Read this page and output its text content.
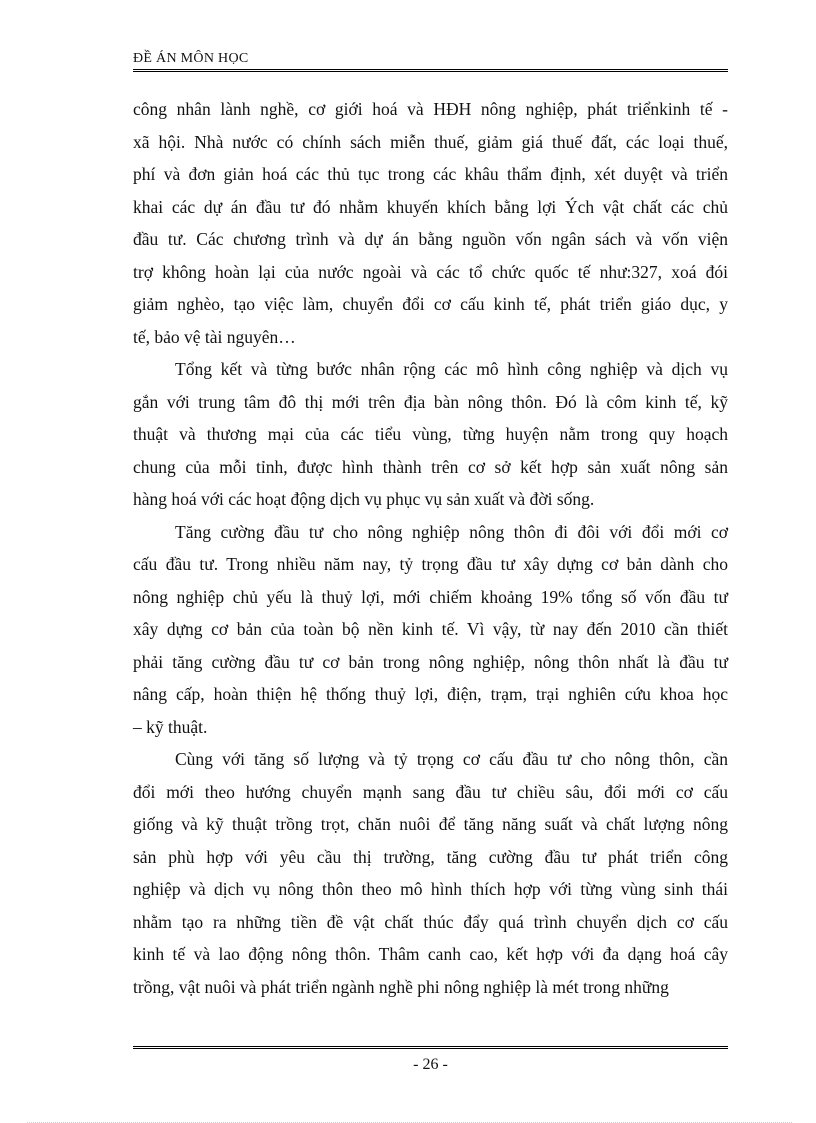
ĐỀ ÁN MÔN HỌC

công nhân lành nghề, cơ giới hoá và HĐH nông nghiệp, phát triểnkinh tế -
xã hội. Nhà nước có chính sách miễn thuế, giảm giá thuế đất, các loại thuế,
phí và đơn giản hoá các thủ tục trong các khâu thẩm định, xét duyệt và triển
khai các dự án đầu tư đó nhằm khuyến khích bằng lợi Ých vật chất các chủ
đầu tư. Các chương trình và dự án bằng nguồn vốn ngân sách và vốn viện
trợ không hoàn lại của nước ngoài và các tổ chức quốc tế như:327, xoá đói
giảm nghèo, tạo việc làm, chuyển đổi cơ cấu kinh tế, phát triển giáo dục, y
tế, bảo vệ tài nguyên…

Tổng kết và từng bước nhân rộng các mô hình công nghiệp và dịch vụ
gắn với trung tâm đô thị mới trên địa bàn nông thôn. Đó là côm kinh tế, kỹ
thuật và thương mại của các tiểu vùng, từng huyện nằm trong quy hoạch
chung của mỗi tỉnh, được hình thành trên cơ sở kết hợp sản xuất nông sản
hàng hoá với các hoạt động dịch vụ phục vụ sản xuất và đời sống.

Tăng cường đầu tư cho nông nghiệp nông thôn đi đôi với đổi mới cơ
cấu đầu tư. Trong nhiều năm nay, tỷ trọng đầu tư xây dựng cơ bản dành cho
nông nghiệp chủ yếu là thuỷ lợi, mới chiếm khoảng 19% tổng số vốn đầu tư
xây dựng cơ bản của toàn bộ nền kinh tế. Vì vậy, từ nay đến 2010 cần thiết
phải tăng cường đầu tư cơ bản trong nông nghiệp, nông thôn nhất là đầu tư
nâng cấp, hoàn thiện hệ thống thuỷ lợi, điện, trạm, trại nghiên cứu khoa học
– kỹ thuật.

Cùng với tăng số lượng và tỷ trọng cơ cấu đầu tư cho nông thôn, cần
đổi mới theo hướng chuyển mạnh sang đầu tư chiều sâu, đổi mới cơ cấu
giống và kỹ thuật trồng trọt, chăn nuôi để tăng năng suất và chất lượng nông
sản phù hợp với yêu cầu thị trường, tăng cường đầu tư phát triển công
nghiệp và dịch vụ nông thôn theo mô hình thích hợp với từng vùng sinh thái
nhằm tạo ra những tiền đề vật chất thúc đẩy quá trình chuyển dịch cơ cấu
kinh tế và lao động nông thôn. Thâm canh cao, kết hợp với đa dạng hoá cây
trồng, vật nuôi và phát triển ngành nghề phi nông nghiệp là mét trong những

- 26 -
